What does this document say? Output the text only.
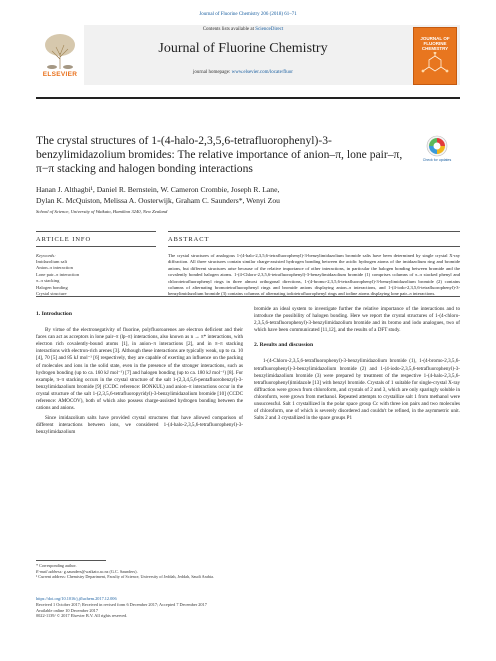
Journal of Fluorine Chemistry 206 (2018) 61–71
ELSEVIER
Contents lists available at ScienceDirect
Journal of Fluorine Chemistry
journal homepage: www.elsevier.com/locate/fluor
JOURNAL OF FLUORINE CHEMISTRY
The crystal structures of 1-(4-halo-2,3,5,6-tetrafluorophenyl)-3-benzylimidazolium bromides: The relative importance of anion–π, lone pair–π, π−π stacking and halogen bonding interactions
Check for updates
Hanan J. Althagbi¹, Daniel R. Bernstein, W. Cameron Crombie, Joseph R. Lane,
Dylan K. McQuiston, Melissa A. Oosterwijk, Graham C. Saunders*, Wenyi Zou
School of Science, University of Waikato, Hamilton 3240, New Zealand
ARTICLE INFO	ABSTRACT
Keywords:
Imidazolium salt
Anion–π interaction
Lone pair–π interaction
π–π stacking
Halogen bonding
Crystal structure
The crystal structures of analogous 1-(4-halo-2,3,5,6-tetrafluorophenyl)-3-benzylimidazolium bromide salts have been determined by single crystal X-ray diffraction. All three structures contain similar charge-assisted hydrogen bonding between the acidic hydrogen atoms of the imidazolium ring and bromide anions, but different structures arise because of the relative importance of other interactions, in particular the halogen bonding between bromide and the covalently bonded halogen atoms. 1-(4-Chloro-2,3,5,6-tetrafluorophenyl)-3-benzylimidazolium bromide (1) comprises columns of π–π stacked phenyl and chlorotetrafluorophenyl rings in three almost orthogonal directions, 1-(4-bromo-2,3,5,6-tetrafluorophenyl)-3-benzylimidazolium bromide (2) contains columns of alternating bromotetrafluorophenyl rings and bromide anions displaying anion–π interactions, and 1-(4-iodo-2,3,5,6-tetrafluorophenyl)-3-benzylimidazolium bromide (3) contains columns of alternating iodotetrafluorophenyl rings and iodine atoms displaying lone pair–π interactions.
1. Introduction
By virtue of the electronegativity of fluorine, polyfluoroarenes are electron deficient and their faces can act as acceptors in lone pair–π (lp–π) interactions, also known as n → π* interactions, with electron rich covalently-bound atoms [1], in anion–π interactions [2], and in π–π stacking interactions with electron-rich arenes [3]. Although these interactions are typically weak, up to ca. 10 [4], 70 [5] and 85 kJ mol⁻¹ [6] respectively, they are capable of exerting an influence on the packing of molecules and ions in the solid state, even in the presence of the stronger interactions, such as hydrogen bonding (up to ca. 160 kJ mol⁻¹) [7] and halogen bonding (up to ca. 180 kJ mol⁻¹) [8]. For example, π–π stacking occurs in the crystal structure of the salt 1-(2,3,4,5,6-pentafluorobenzyl)-3-benzylimidazolium bromide [9] (CCDC reference: BONKUL) and anion–π interactions occur in the crystal structure of the salt 1-(2,3,5,6-tetrafluoropyridyl)-3-benzylimidazolium bromide [10] (CCDC reference: AMOCOV), both of which also possess charge-assisted hydrogen bonding between the cations and anions.
Since imidazolium salts have provided crystal structures that have allowed comparison of different interactions between ions, we considered 1-(4-halo-2,3,5,6-tetrafluorophenyl)-3-benzylimidazolium
bromide an ideal system to investigate further the relative importance of the interactions and to introduce the possibility of halogen bonding. Here we report the crystal structures of 1-(4-chloro-2,3,5,6-tetrafluorophenyl)-3-benzylimidazolium bromide and its bromo and iodo analogues, two of which have been communicated [11,12], and the results of a DFT study.
2. Results and discussion
1-(4-Chloro-2,3,5,6-tetrafluorophenyl)-3-benzylimidazolium bromide (1), 1-(4-bromo-2,3,5,6-tetrafluorophenyl)-3-benzylimidazolium bromide (2) and 1-(4-iodo-2,3,5,6-tetrafluorophenyl)-3-benzylimidazolium bromide (3) were prepared by treatment of the respective 1-(4-halo-2,3,5,6-tetrafluorophenyl)imidazole [13] with benzyl bromide. Crystals of 1 suitable for single-crystal X-ray diffraction were grown from chloroform, and crystals of 2 and 3, which are only sparingly soluble in chloroform, were grown from methanol. Repeated attempts to crystallize salt 1 from methanol were unsuccessful. Salt 1 crystallized in the polar space group Cc with three ion pairs and two molecules of chloroform, one of which is severely disordered and couldn't be refined, in the asymmetric unit. Salts 2 and 3 crystallized in the space groups P1
* Corresponding author.
E-mail address: g.saunders@waikato.ac.nz (G.C. Saunders).
¹ Current address: Chemistry Department, Faculty of Science, University of Jeddah, Jeddah, Saudi Arabia.
https://doi.org/10.1016/j.jfluchem.2017.12.006
Received 1 October 2017; Received in revised form 6 December 2017; Accepted 7 December 2017
Available online 10 December 2017
0022-1139/ © 2017 Elsevier B.V. All rights reserved.
